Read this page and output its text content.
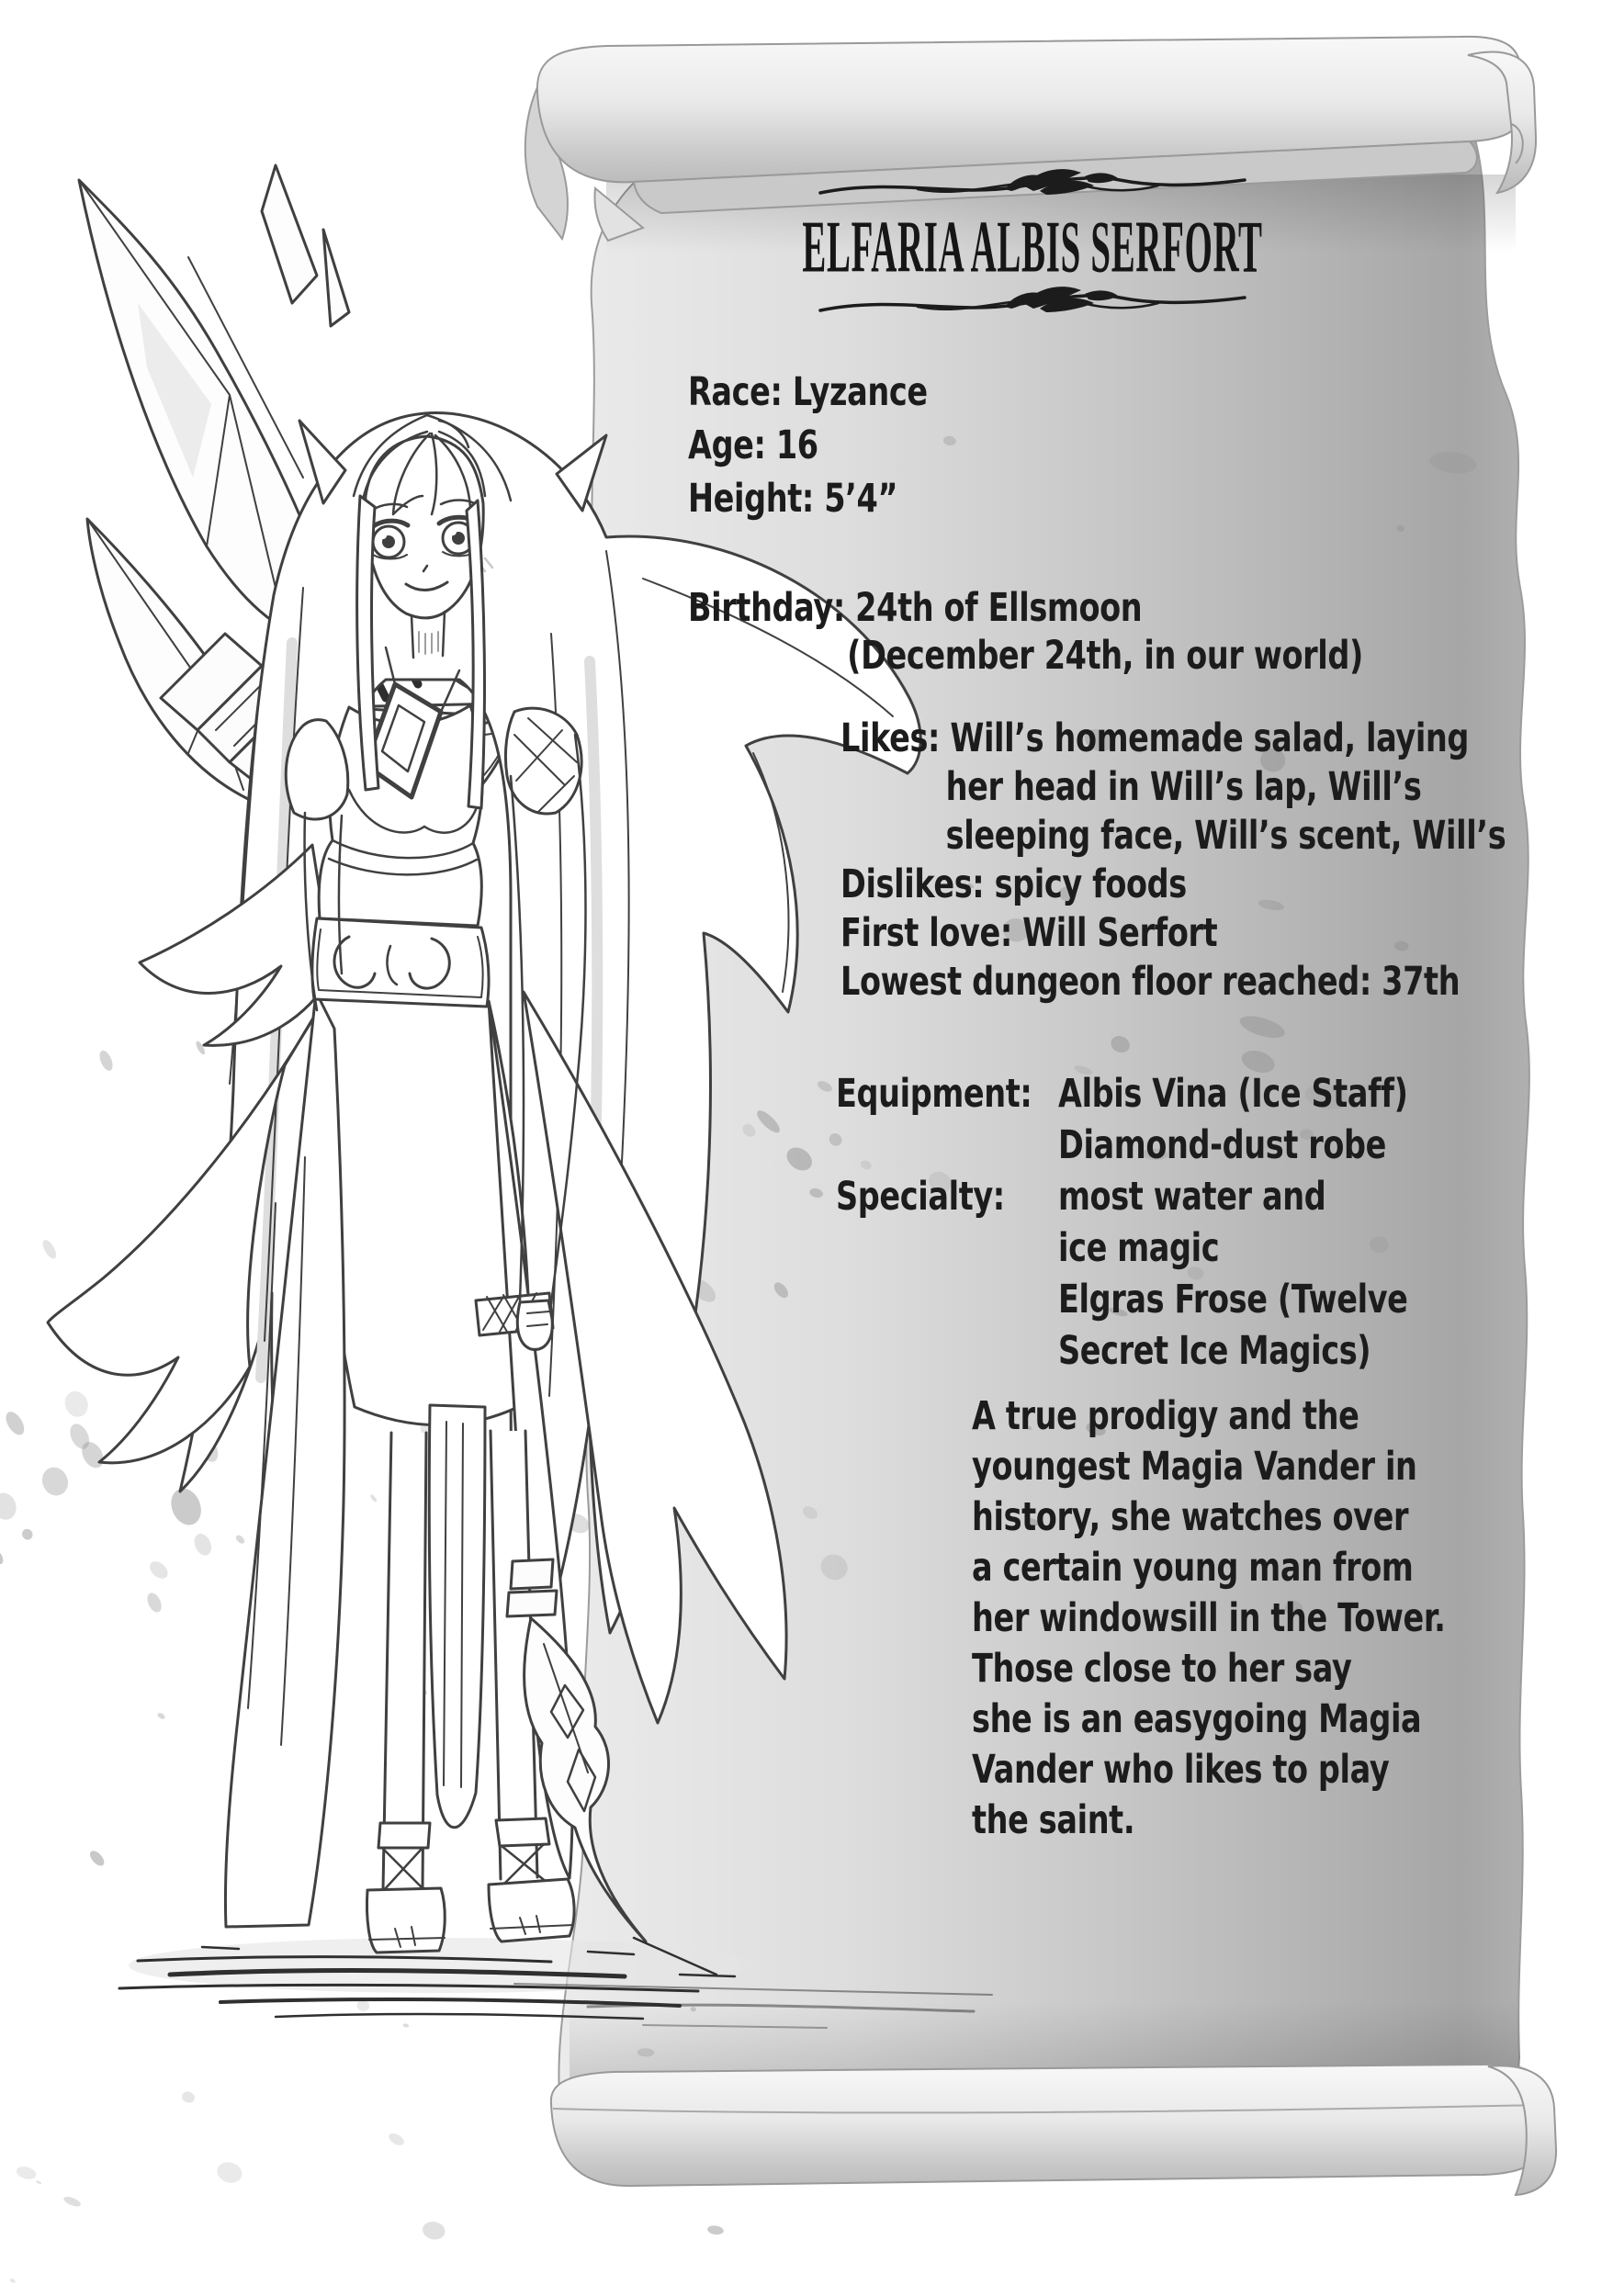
ELFARIA ALBIS SERFORT
Race: Lyzance
Age: 16
Height: 5’4”
Birthday: 24th of Ellsmoon
(December 24th, in our world)
Likes: Will’s homemade salad, laying
her head in Will’s lap, Will’s
sleeping face, Will’s scent, Will’s
Dislikes: spicy foods
First love: Will Serfort
Lowest dungeon floor reached: 37th
Equipment:
Specialty:
Albis Vina (Ice Staff)
Diamond-dust robe
most water and
ice magic
Elgras Frose (Twelve
Secret Ice Magics)
A true prodigy and the
youngest Magia Vander in
history, she watches over
a certain young man from
her windowsill in the Tower.
Those close to her say
she is an easygoing Magia
Vander who likes to play
the saint.
